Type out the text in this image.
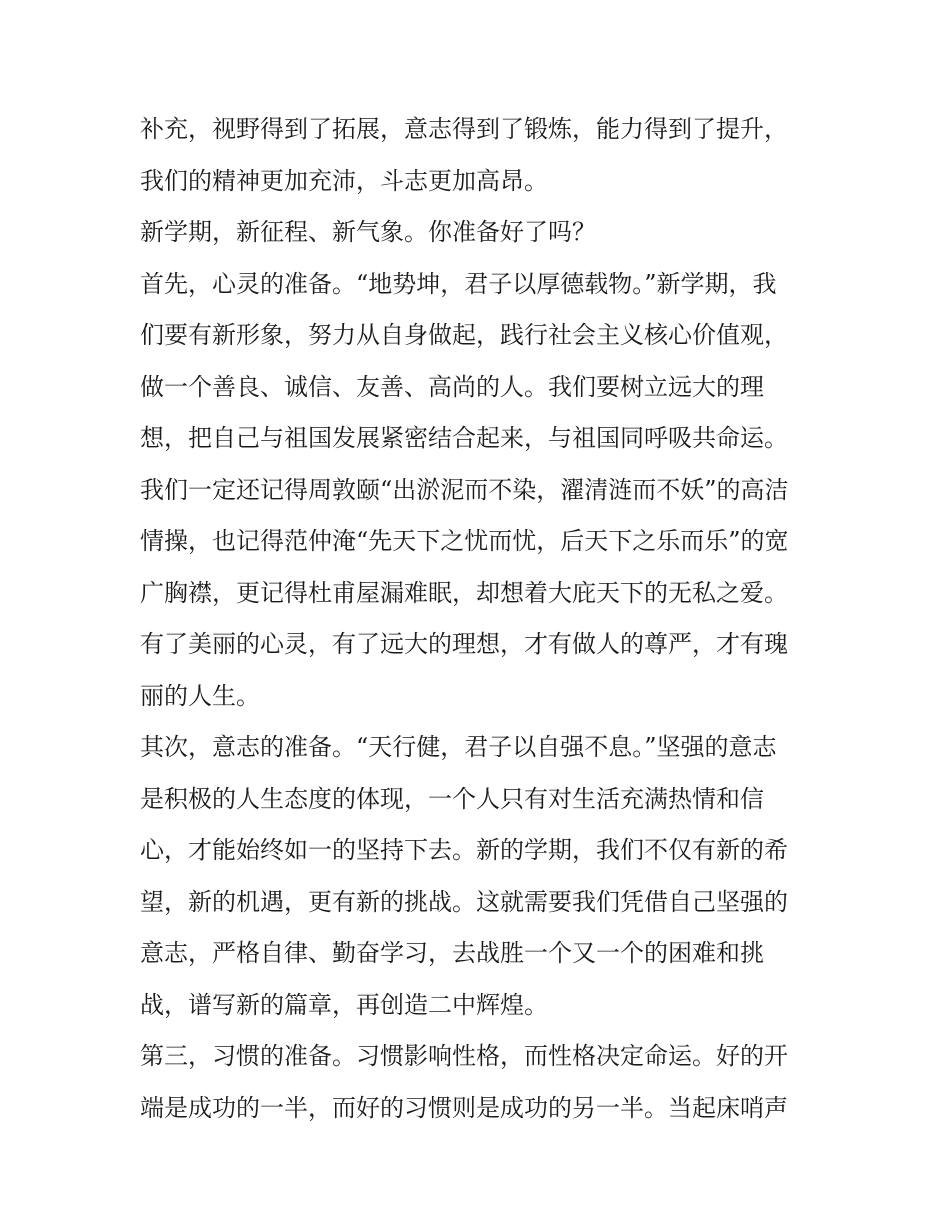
补充，视野得到了拓展，意志得到了锻炼，能力得到了提升，
我们的精神更加充沛，斗志更加高昂。
新学期，新征程、新气象。你准备好了吗？
首先，心灵的准备。“地势坤，君子以厚德载物。”新学期，我
们要有新形象，努力从自身做起，践行社会主义核心价值观，
做一个善良、诚信、友善、高尚的人。我们要树立远大的理
想，把自己与祖国发展紧密结合起来，与祖国同呼吸共命运。
我们一定还记得周敦颐“出淤泥而不染，濯清涟而不妖”的高洁
情操，也记得范仲淹“先天下之忧而忧，后天下之乐而乐”的宽
广胸襟，更记得杜甫屋漏难眠，却想着大庇天下的无私之爱。
有了美丽的心灵，有了远大的理想，才有做人的尊严，才有瑰
丽的人生。
其次，意志的准备。“天行健，君子以自强不息。”坚强的意志
是积极的人生态度的体现，一个人只有对生活充满热情和信
心，才能始终如一的坚持下去。新的学期，我们不仅有新的希
望，新的机遇，更有新的挑战。这就需要我们凭借自己坚强的
意志，严格自律、勤奋学习，去战胜一个又一个的困难和挑
战，谱写新的篇章，再创造二中辉煌。
第三，习惯的准备。习惯影响性格，而性格决定命运。好的开
端是成功的一半，而好的习惯则是成功的另一半。当起床哨声
